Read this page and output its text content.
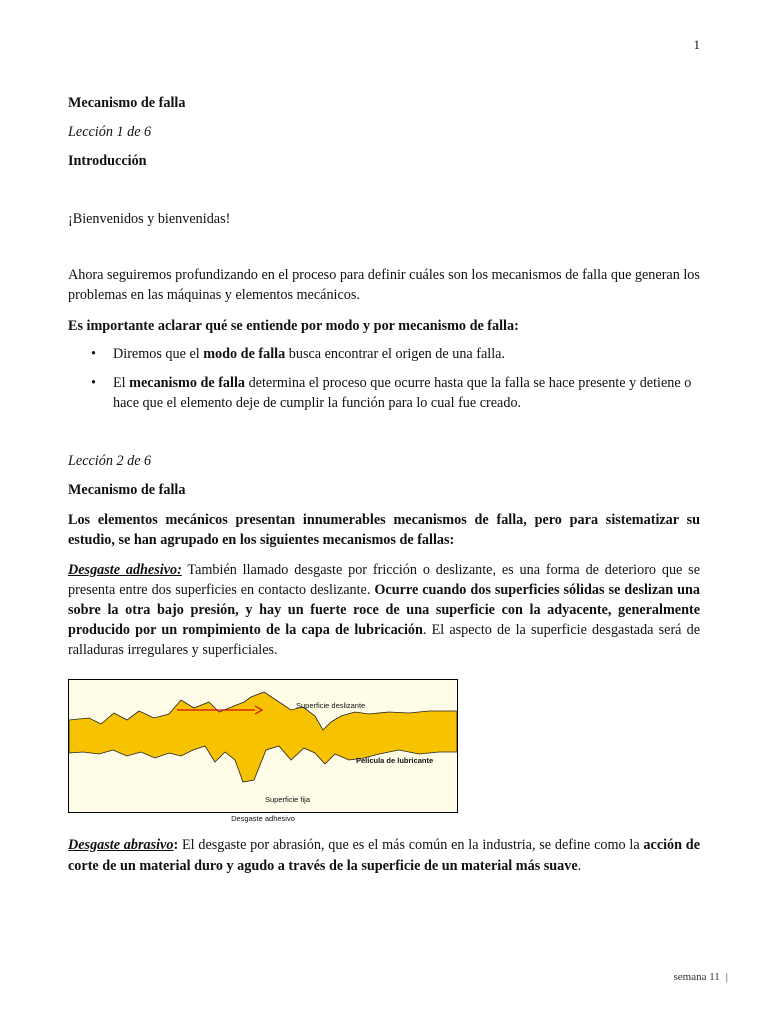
1

Mecanismo de falla

Lección 1 de 6

Introducción

¡Bienvenidos y bienvenidas!

Ahora seguiremos profundizando en el proceso para definir cuáles son los mecanismos de falla que generan los problemas en las máquinas y elementos mecánicos.

Es importante aclarar qué se entiende por modo y por mecanismo de falla:

• Diremos que el modo de falla busca encontrar el origen de una falla.
• El mecanismo de falla determina el proceso que ocurre hasta que la falla se hace presente y detiene o hace que el elemento deje de cumplir la función para lo cual fue creado.

Lección 2 de 6

Mecanismo de falla

Los elementos mecánicos presentan innumerables mecanismos de falla, pero para sistematizar su estudio, se han agrupado en los siguientes mecanismos de fallas:

Desgaste adhesivo: También llamado desgaste por fricción o deslizante, es una forma de deterioro que se presenta entre dos superficies en contacto deslizante. Ocurre cuando dos superficies sólidas se deslizan una sobre la otra bajo presión, y hay un fuerte roce de una superficie con la adyacente, generalmente producido por un rompimiento de la capa de lubricación. El aspecto de la superficie desgastada será de ralladuras irregulares y superficiales.

Superficie deslizante
Película de lubricante
Superficie fija
Desgaste adhesivo

Desgaste abrasivo: El desgaste por abrasión, que es el más común en la industria, se define como la acción de corte de un material duro y agudo a través de la superficie de un material más suave.

semana 11 |
